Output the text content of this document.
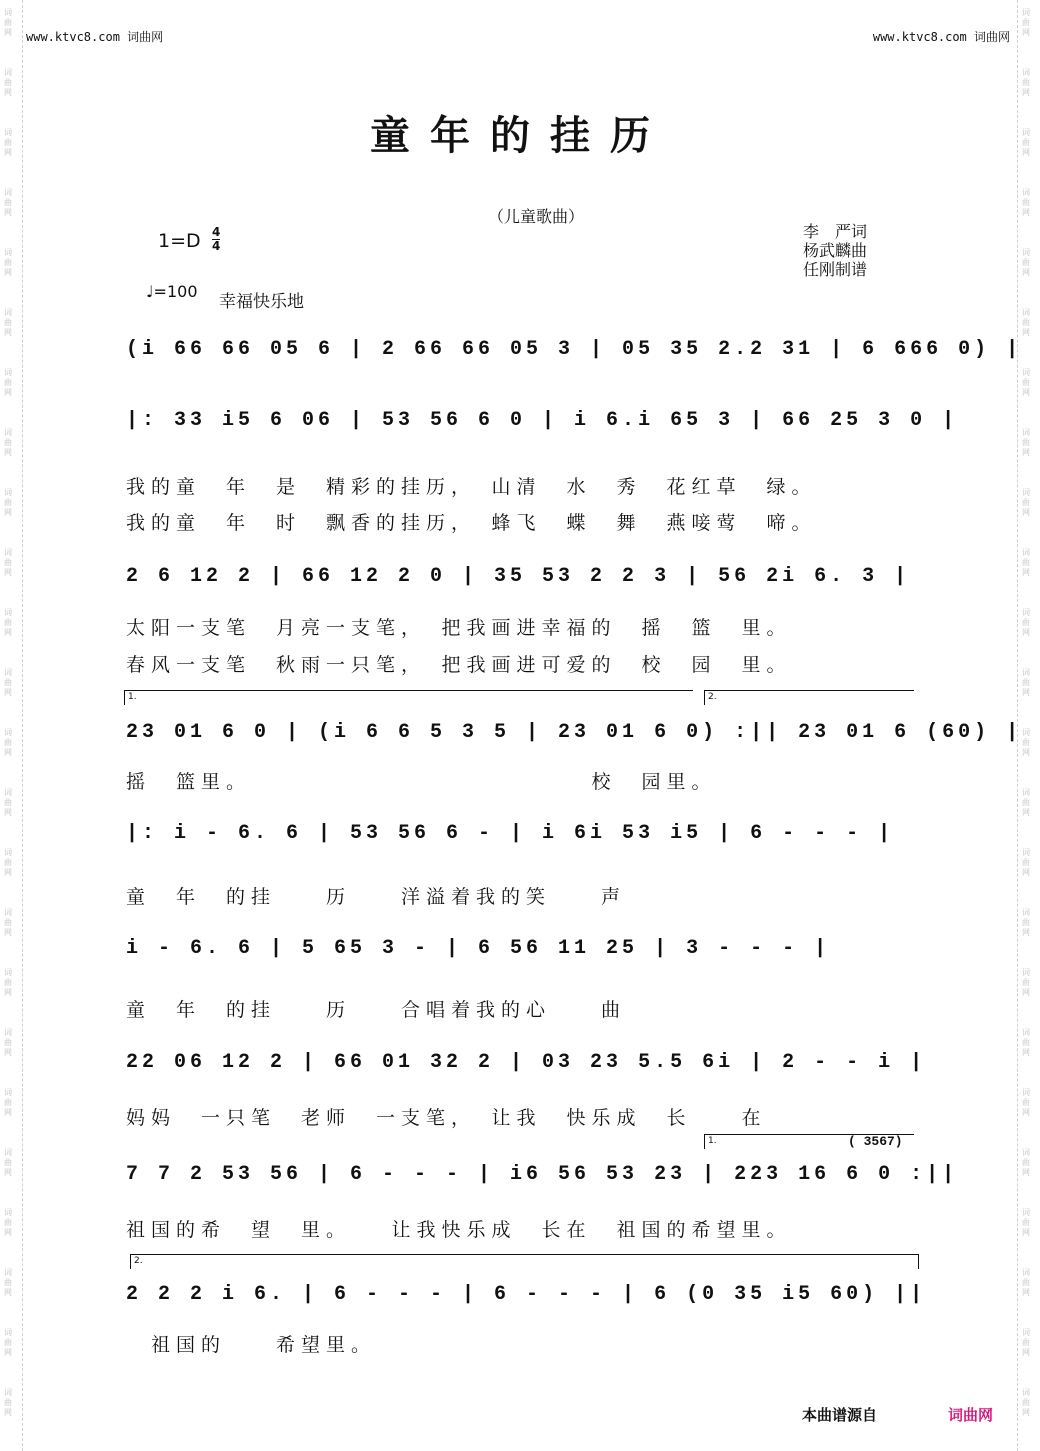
词
曲
网
词
曲
网
词
曲
网
词
曲
网
词
曲
网
词
曲
网
词
曲
网
词
曲
网
词
曲
网
词
曲
网
词
曲
网
词
曲
网
词
曲
网
词
曲
网
词
曲
网
词
曲
网
词
曲
网
词
曲
网
词
曲
网
词
曲
网
词
曲
网
词
曲
网
词
曲
网
词
曲
网
词
曲
网
词
曲
网
词
曲
网
词
曲
网
词
曲
网
词
曲
网
词
曲
网
词
曲
网
词
曲
网
词
曲
网
词
曲
网
词
曲
网
词
曲
网
词
曲
网
词
曲
网
词
曲
网
词
曲
网
词
曲
网
词
曲
网
词
曲
网
词
曲
网
词
曲
网
词
曲
网
词
曲
网
www.ktvc8.com 词曲网	www.ktvc8.com 词曲网
童年的挂历
（儿童歌曲）
$1=D \frac{4}{4}$	李　严词
杨武麟曲
任刚制谱
♩=100
幸福快乐地
(i 66 66 05 6 | 2 66 66 05 3 | 05 35 2.2 31 | 6 666 0) |
|: 33 i5 6 06 | 53 56 6 0 | i 6.i 65 3 | 66 25 3 0 |
我的童　年　是　精彩的挂历，　山清　水　秀　花红草　绿。
我的童　年　时　飘香的挂历，　蜂飞　蝶　舞　燕唼莺　啼。
2 6 12 2 | 66 12 2 0 | 35 53 2 2 3 | 56 2i 6. 3 |
太阳一支笔　月亮一支笔，　把我画进幸福的　摇　篮　里。
春风一支笔　秋雨一只笔，　把我画进可爱的　校　园　里。
1.	2.
23 01 6 0 | (i 6 6 5 3 5 | 23 01 6 0) :|| 23 01 6 (60) |
摇　篮里。　　　　　　　　　　　　　　校　园里。
|: i - 6. 6 | 53 56 6 - | i 6i 53 i5 | 6 - - - |
童　年　的挂　　历　　洋溢着我的笑　　声
i - 6. 6 | 5 65 3 - | 6 56 11 25 | 3 - - - |
童　年　的挂　　历　　合唱着我的心　　曲
22 06 12 2 | 66 01 32 2 | 03 23 5.5 6i | 2 - - i |
妈妈　一只笔　老师　一支笔，　让我　快乐成　长　　在
1.	( 3567)
7 7 2 53 56 | 6 - - - | i6 56 53 23 | 223 16 6 0 :||
祖国的希　望　里。　　让我快乐成　长在　祖国的希望里。
2.
2 2 2 i 6. | 6 - - - | 6 - - - | 6 (0 35 i5 60) ||
　祖国的　　希望里。
本曲谱源自	词曲网
